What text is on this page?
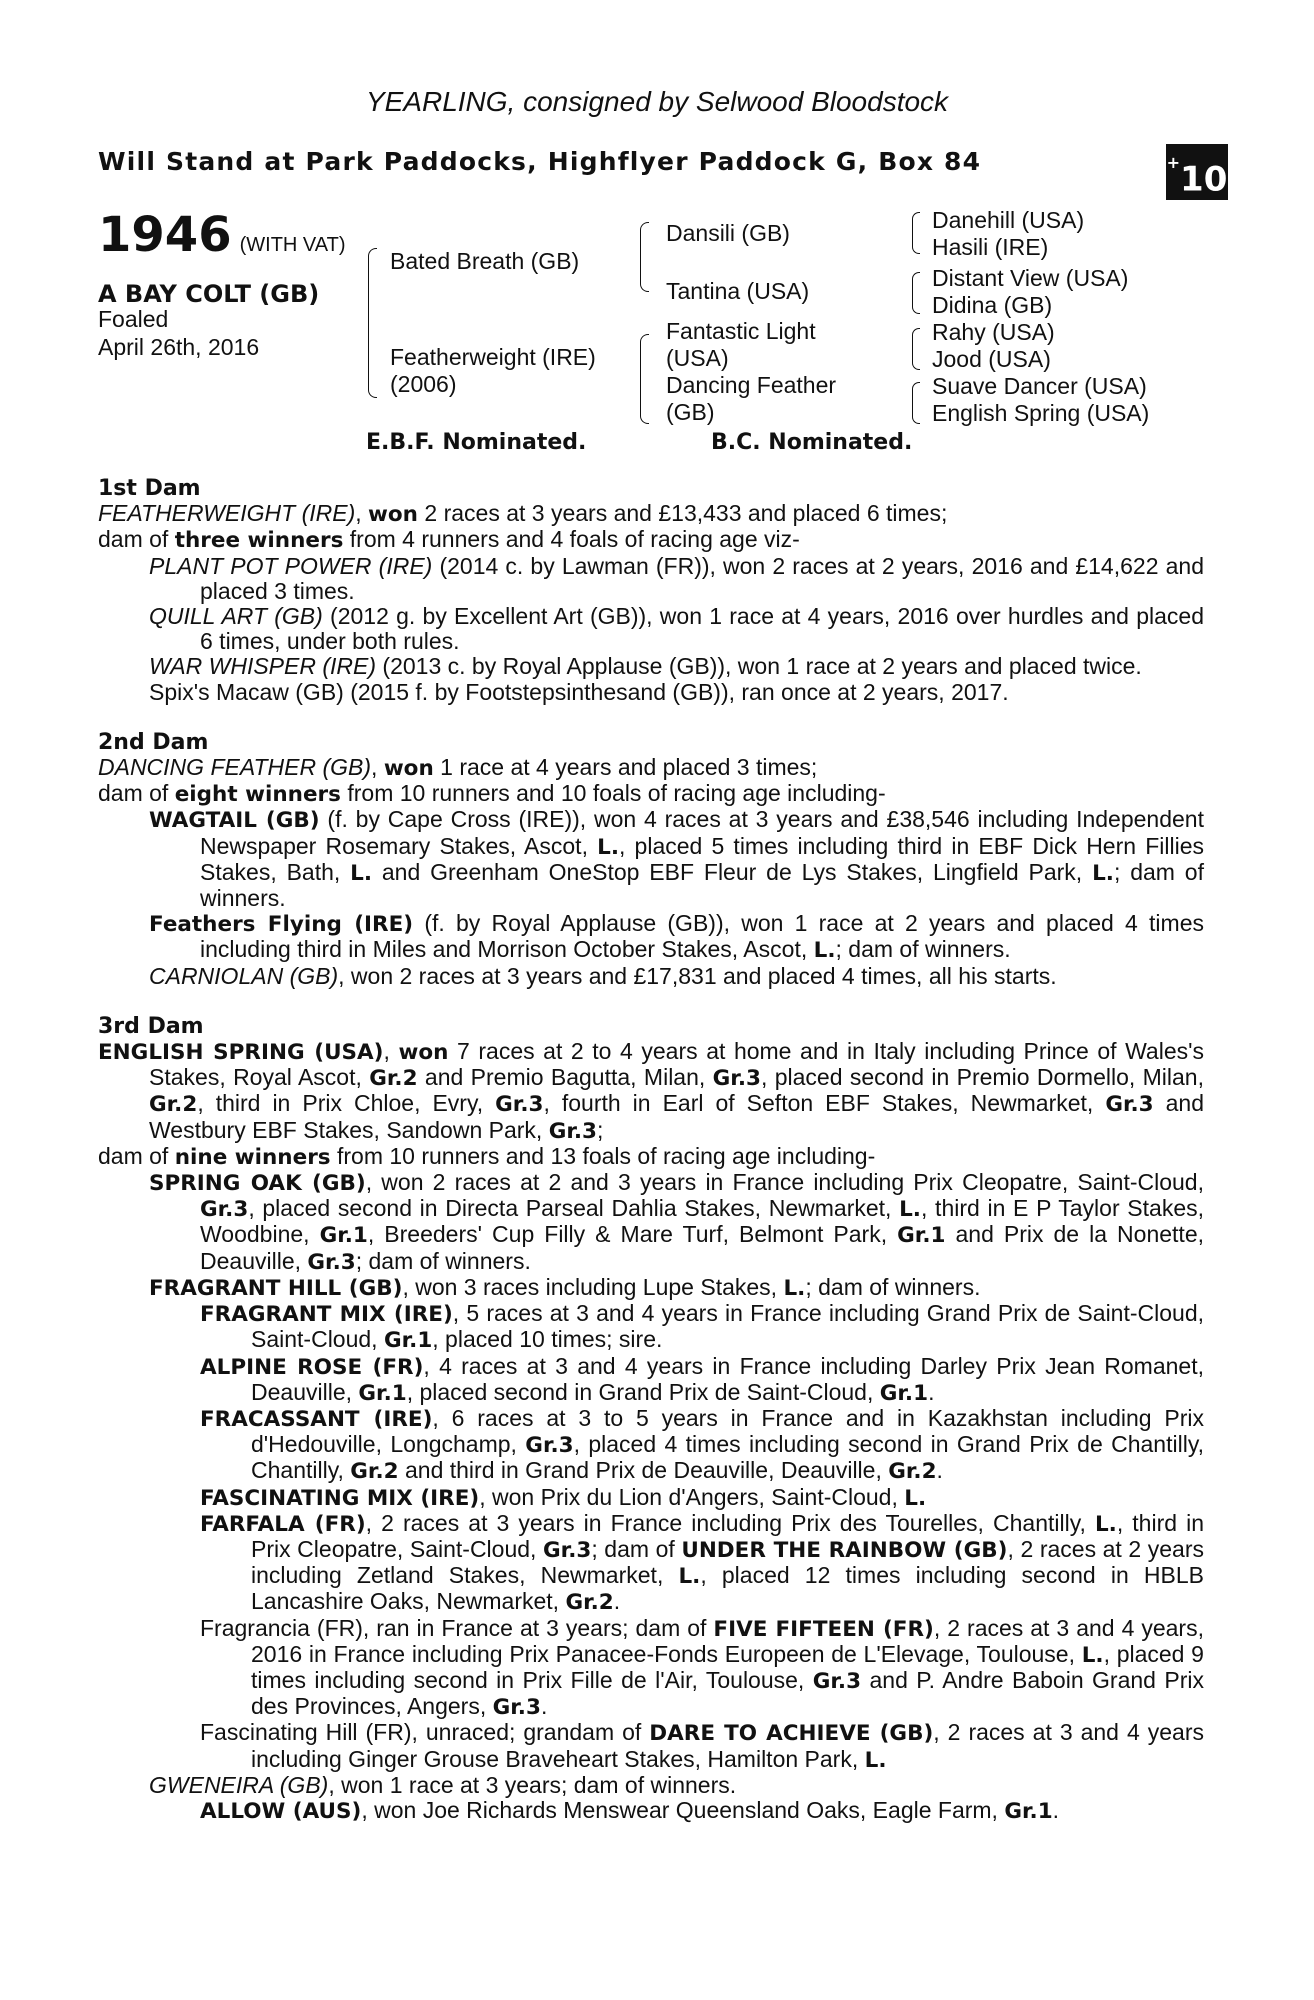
YEARLING, consigned by Selwood Bloodstock
Will Stand at Park Paddocks, Highflyer Paddock G, Box 84	+10
1946 (WITH VAT)
A BAY COLT (GB)
Foaled
April 26th, 2016
Bated Breath (GB)
Featherweight (IRE)
(2006)
Dansili (GB)
Tantina (USA)
Fantastic Light
(USA)
Dancing Feather
(GB)
Danehill (USA)
Hasili (IRE)
Distant View (USA)
Didina (GB)
Rahy (USA)
Jood (USA)
Suave Dancer (USA)
English Spring (USA)
E.B.F. Nominated.	B.C. Nominated.

1st Dam

FEATHERWEIGHT (IRE), won 2 races at 3 years and £13,433 and placed 6 times;

dam of three winners from 4 runners and 4 foals of racing age viz-

PLANT POT POWER (IRE) (2014 c. by Lawman (FR)), won 2 races at 2 years, 2016 and £14,622 and placed 3 times.

QUILL ART (GB) (2012 g. by Excellent Art (GB)), won 1 race at 4 years, 2016 over hurdles and placed 6 times, under both rules.

WAR WHISPER (IRE) (2013 c. by Royal Applause (GB)), won 1 race at 2 years and placed twice.

Spix's Macaw (GB) (2015 f. by Footstepsinthesand (GB)), ran once at 2 years, 2017.

2nd Dam

DANCING FEATHER (GB), won 1 race at 4 years and placed 3 times;

dam of eight winners from 10 runners and 10 foals of racing age including-

WAGTAIL (GB) (f. by Cape Cross (IRE)), won 4 races at 3 years and £38,546 including Independent Newspaper Rosemary Stakes, Ascot, L., placed 5 times including third in EBF Dick Hern Fillies Stakes, Bath, L. and Greenham OneStop EBF Fleur de Lys Stakes, Lingfield Park, L.; dam of winners.

Feathers Flying (IRE) (f. by Royal Applause (GB)), won 1 race at 2 years and placed 4 times including third in Miles and Morrison October Stakes, Ascot, L.; dam of winners.

CARNIOLAN (GB), won 2 races at 3 years and £17,831 and placed 4 times, all his starts.

3rd Dam

ENGLISH SPRING (USA), won 7 races at 2 to 4 years at home and in Italy including Prince of Wales's Stakes, Royal Ascot, Gr.2 and Premio Bagutta, Milan, Gr.3, placed second in Premio Dormello, Milan, Gr.2, third in Prix Chloe, Evry, Gr.3, fourth in Earl of Sefton EBF Stakes, Newmarket, Gr.3 and Westbury EBF Stakes, Sandown Park, Gr.3;

dam of nine winners from 10 runners and 13 foals of racing age including-

SPRING OAK (GB), won 2 races at 2 and 3 years in France including Prix Cleopatre, Saint-Cloud, Gr.3, placed second in Directa Parseal Dahlia Stakes, Newmarket, L., third in E P Taylor Stakes, Woodbine, Gr.1, Breeders' Cup Filly & Mare Turf, Belmont Park, Gr.1 and Prix de la Nonette, Deauville, Gr.3; dam of winners.

FRAGRANT HILL (GB), won 3 races including Lupe Stakes, L.; dam of winners.

FRAGRANT MIX (IRE), 5 races at 3 and 4 years in France including Grand Prix de Saint-Cloud, Saint-Cloud, Gr.1, placed 10 times; sire.

ALPINE ROSE (FR), 4 races at 3 and 4 years in France including Darley Prix Jean Romanet, Deauville, Gr.1, placed second in Grand Prix de Saint-Cloud, Gr.1.

FRACASSANT (IRE), 6 races at 3 to 5 years in France and in Kazakhstan including Prix d'Hedouville, Longchamp, Gr.3, placed 4 times including second in Grand Prix de Chantilly, Chantilly, Gr.2 and third in Grand Prix de Deauville, Deauville, Gr.2.

FASCINATING MIX (IRE), won Prix du Lion d'Angers, Saint-Cloud, L.

FARFALA (FR), 2 races at 3 years in France including Prix des Tourelles, Chantilly, L., third in Prix Cleopatre, Saint-Cloud, Gr.3; dam of UNDER THE RAINBOW (GB), 2 races at 2 years including Zetland Stakes, Newmarket, L., placed 12 times including second in HBLB Lancashire Oaks, Newmarket, Gr.2.

Fragrancia (FR), ran in France at 3 years; dam of FIVE FIFTEEN (FR), 2 races at 3 and 4 years, 2016 in France including Prix Panacee-Fonds Europeen de L'Elevage, Toulouse, L., placed 9 times including second in Prix Fille de l'Air, Toulouse, Gr.3 and P. Andre Baboin Grand Prix des Provinces, Angers, Gr.3.

Fascinating Hill (FR), unraced; grandam of DARE TO ACHIEVE (GB), 2 races at 3 and 4 years including Ginger Grouse Braveheart Stakes, Hamilton Park, L.

GWENEIRA (GB), won 1 race at 3 years; dam of winners.

ALLOW (AUS), won Joe Richards Menswear Queensland Oaks, Eagle Farm, Gr.1.
